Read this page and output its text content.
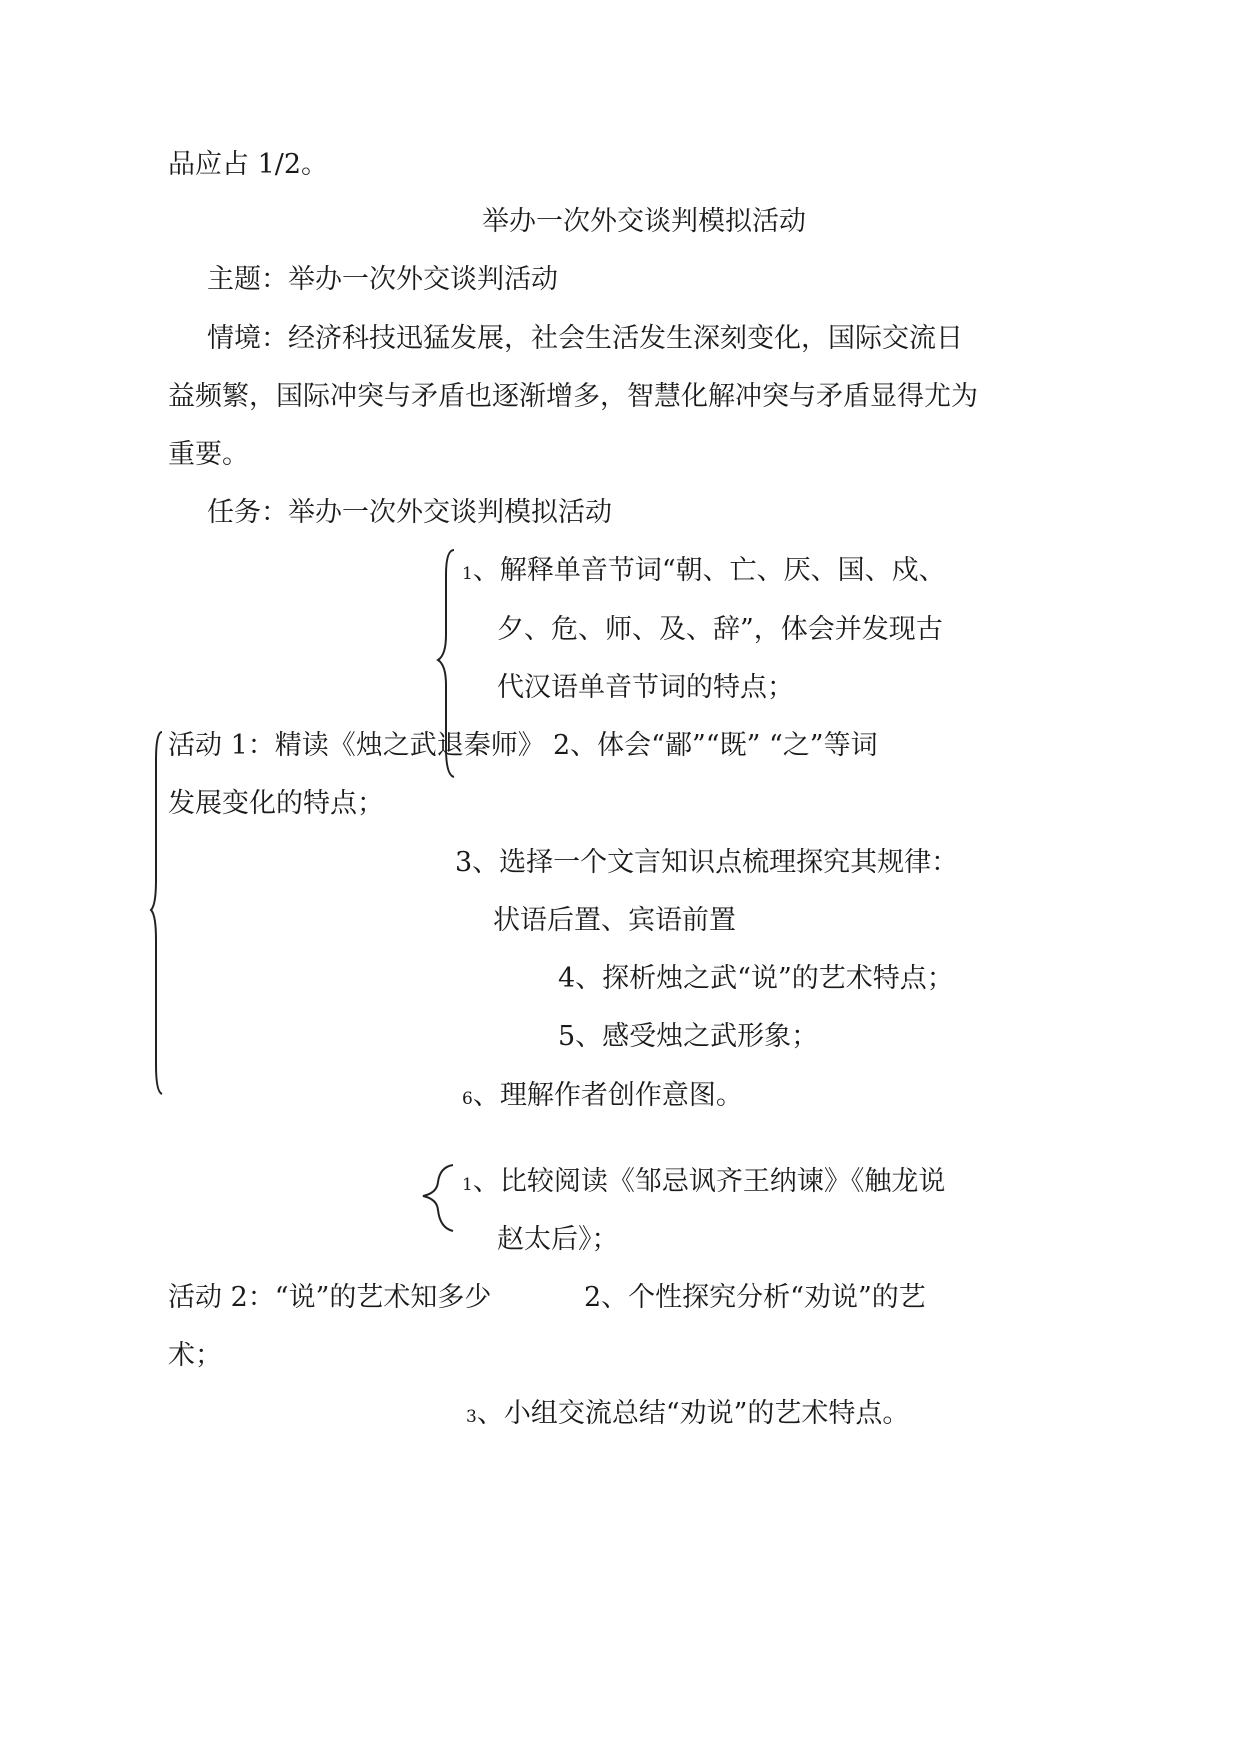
品应占 1/2。
举办一次外交谈判模拟活动
主题：举办一次外交谈判活动
情境：经济科技迅猛发展，社会生活发生深刻变化，国际交流日
益频繁，国际冲突与矛盾也逐渐增多，智慧化解冲突与矛盾显得尤为
重要。
任务：举办一次外交谈判模拟活动
1、解释单音节词“朝、亡、厌、国、戍、
夕、危、师、及、辞”，体会并发现古
代汉语单音节词的特点；
活动 1：精读《烛之武退秦师》 2、体会“鄙”“既” “之”等词
发展变化的特点；
3、选择一个文言知识点梳理探究其规律：
状语后置、宾语前置
4、探析烛之武“说”的艺术特点；
5、感受烛之武形象；
6、理解作者创作意图。
1、比较阅读《邹忌讽齐王纳谏》《触龙说
赵太后》；
活动 2：“说”的艺术知多少	2、个性探究分析“劝说”的艺
术；
3、小组交流总结“劝说”的艺术特点。
